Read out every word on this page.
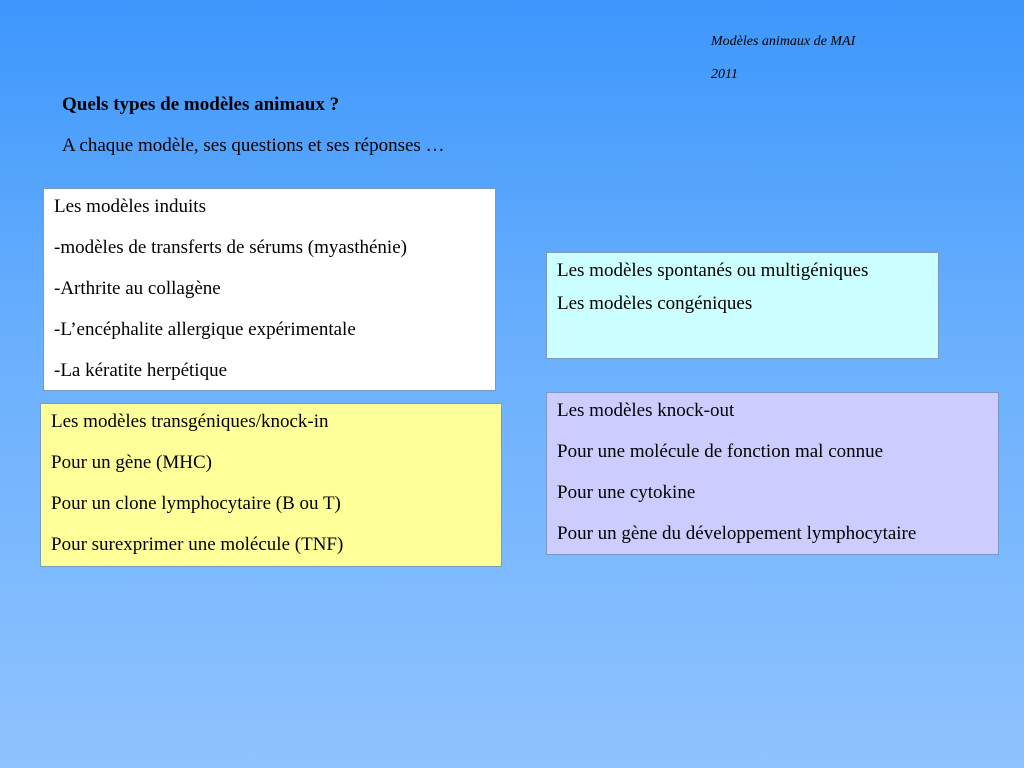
Modèles animaux de MAI
2011
Quels types de modèles animaux ?
A chaque modèle, ses questions et ses réponses …
Les modèles induits
-modèles de transferts de sérums (myasthénie)
-Arthrite au collagène
-L’encéphalite allergique expérimentale
-La kératite herpétique
Les modèles spontanés ou multigéniques
Les modèles congéniques
Les modèles transgéniques/knock-in
Pour un gène (MHC)
Pour un clone lymphocytaire (B ou T)
Pour surexprimer une molécule (TNF)
Les modèles knock-out
Pour une molécule de fonction mal connue
Pour une cytokine
Pour un gène du développement lymphocytaire
